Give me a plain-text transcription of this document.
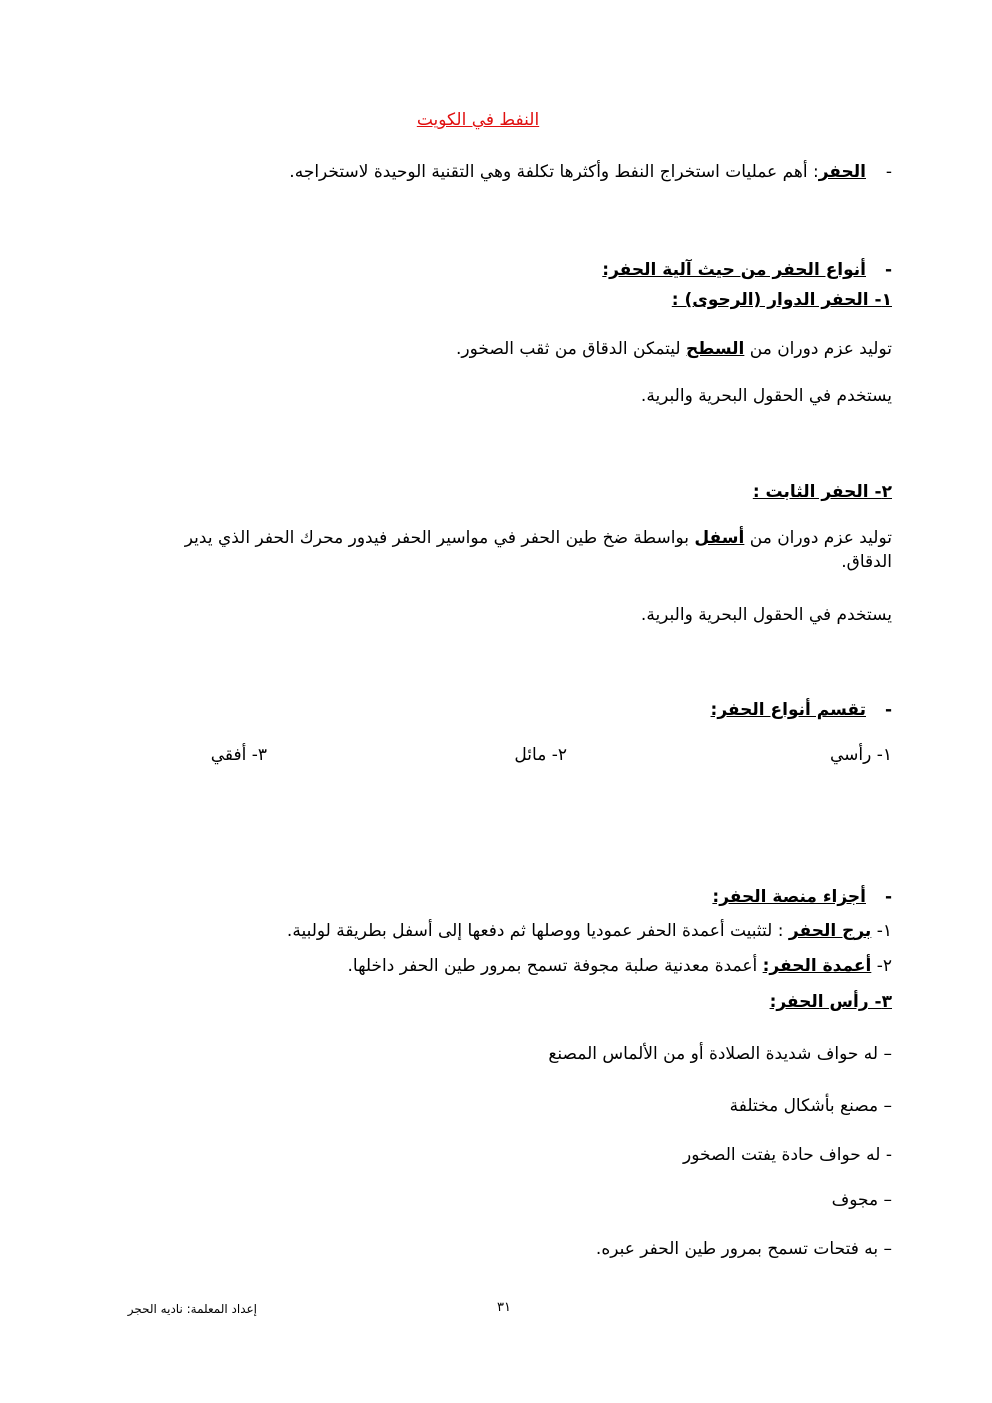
النفط في الكويت
-الحفر: أهم عمليات استخراج النفط وأكثرها تكلفة وهي التقنية الوحيدة لاستخراجه.
-أنواع الحفر من حيث آلية الحفر:
١- الحفر الدوار (الرحوى) :
توليد عزم دوران من السطح ليتمكن الدقاق من ثقب الصخور.
يستخدم في الحقول البحرية والبرية.
٢- الحفر الثابت :
توليد عزم دوران من أسفل بواسطة ضخ طين الحفر في مواسير الحفر فيدور محرك الحفر الذي يدير الدقاق.
يستخدم في الحقول البحرية والبرية.
-تقسم أنواع الحفر:
١- رأسي
٢- مائل
٣- أفقي
-أجزاء منصة الحفر:
١- برج الحفر : لتثبيت أعمدة الحفر عموديا ووصلها ثم دفعها إلى أسفل بطريقة لولبية.
٢- أعمدة الحفر: أعمدة معدنية صلبة مجوفة تسمح بمرور طين الحفر داخلها.
٣- رأس الحفر:
– له حواف شديدة الصلادة أو من الألماس المصنع
– مصنع بأشكال مختلفة
- له حواف حادة يفتت الصخور
– مجوف
– به فتحات تسمح بمرور طين الحفر عبره.
إعداد المعلمة: ناديه الحجر	٣١
